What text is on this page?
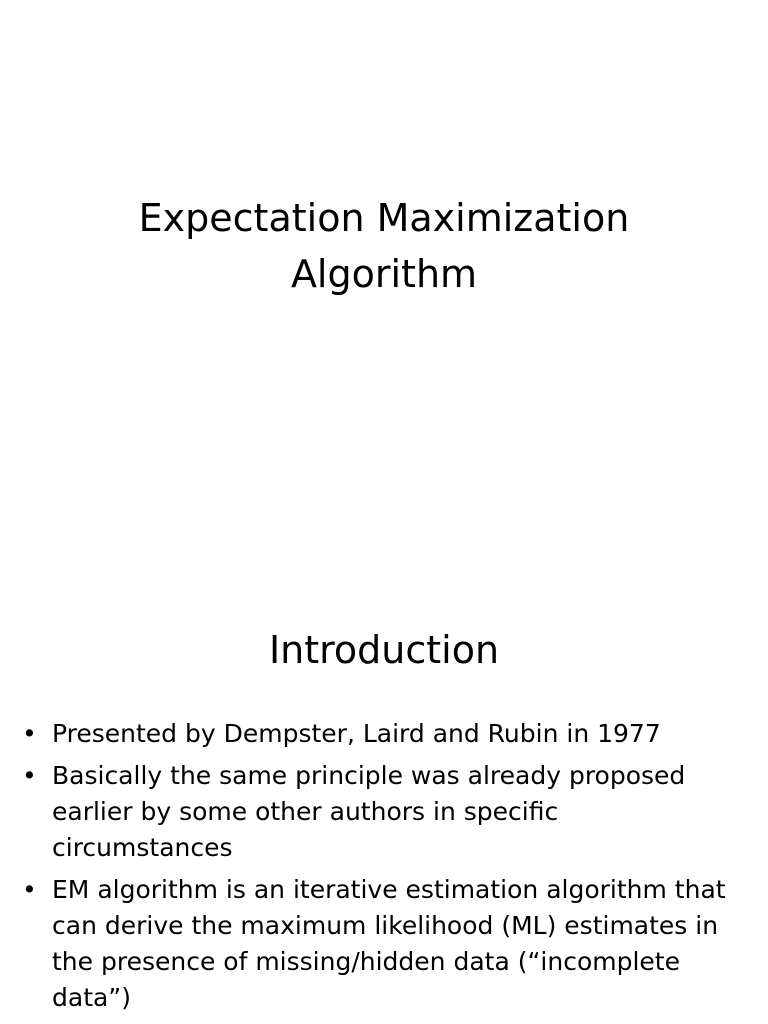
Expectation Maximization
Algorithm
Introduction
• Presented by Dempster, Laird and Rubin in 1977
• Basically the same principle was already proposed earlier by some other authors in specific circumstances
• EM algorithm is an iterative estimation algorithm that can derive the maximum likelihood (ML) estimates in the presence of missing/hidden data (“incomplete data”)
